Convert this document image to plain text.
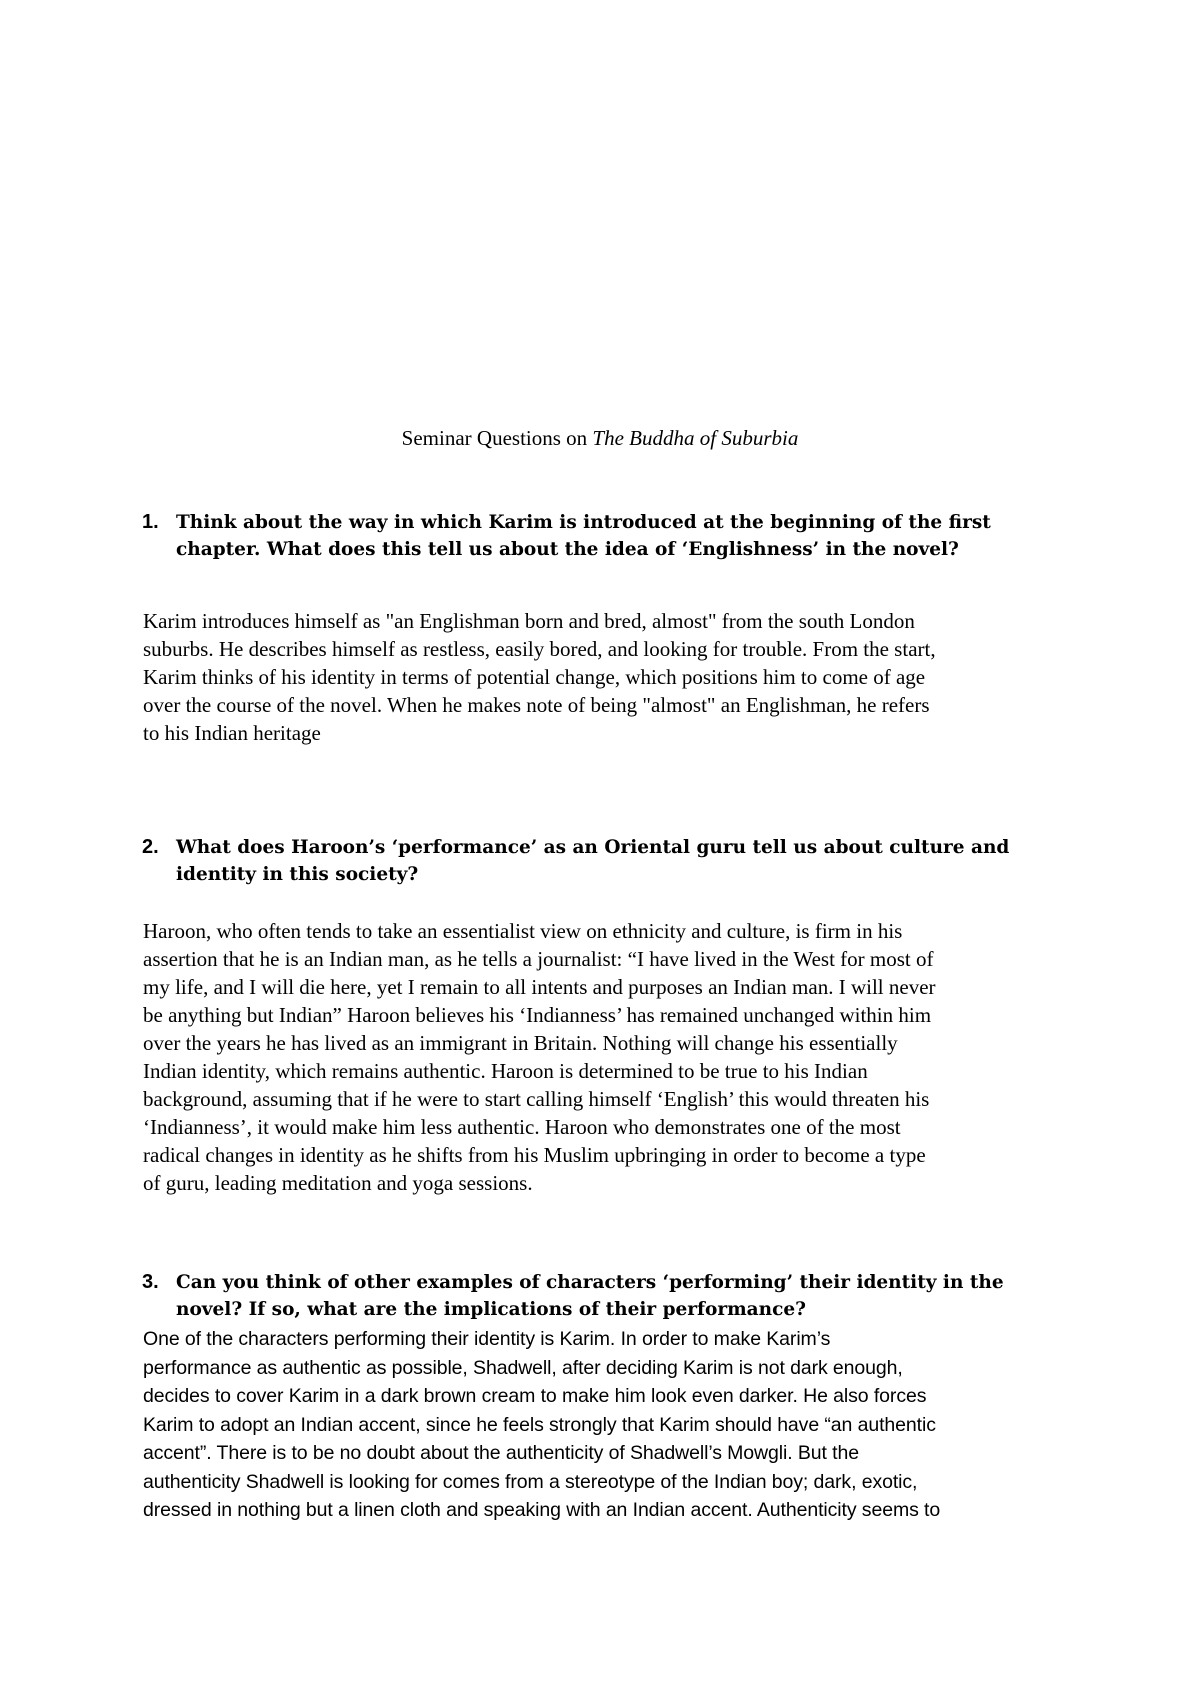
Seminar Questions on The Buddha of Suburbia
1. Think about the way in which Karim is introduced at the beginning of the first
chapter. What does this tell us about the idea of ‘Englishness’ in the novel?
Karim introduces himself as "an Englishman born and bred, almost" from the south London
suburbs. He describes himself as restless, easily bored, and looking for trouble. From the start,
Karim thinks of his identity in terms of potential change, which positions him to come of age
over the course of the novel. When he makes note of being "almost" an Englishman, he refers
to his Indian heritage
2. What does Haroon’s ‘performance’ as an Oriental guru tell us about culture and
identity in this society?
Haroon, who often tends to take an essentialist view on ethnicity and culture, is firm in his
assertion that he is an Indian man, as he tells a journalist: “I have lived in the West for most of
my life, and I will die here, yet I remain to all intents and purposes an Indian man. I will never
be anything but Indian” Haroon believes his ‘Indianness’ has remained unchanged within him
over the years he has lived as an immigrant in Britain. Nothing will change his essentially
Indian identity, which remains authentic. Haroon is determined to be true to his Indian
background, assuming that if he were to start calling himself ‘English’ this would threaten his
‘Indianness’, it would make him less authentic. Haroon who demonstrates one of the most
radical changes in identity as he shifts from his Muslim upbringing in order to become a type
of guru, leading meditation and yoga sessions.
3. Can you think of other examples of characters ‘performing’ their identity in the
novel? If so, what are the implications of their performance?
One of the characters performing their identity is Karim. In order to make Karim’s
performance as authentic as possible, Shadwell, after deciding Karim is not dark enough,
decides to cover Karim in a dark brown cream to make him look even darker. He also forces
Karim to adopt an Indian accent, since he feels strongly that Karim should have “an authentic
accent”. There is to be no doubt about the authenticity of Shadwell’s Mowgli. But the
authenticity Shadwell is looking for comes from a stereotype of the Indian boy; dark, exotic,
dressed in nothing but a linen cloth and speaking with an Indian accent. Authenticity seems to
